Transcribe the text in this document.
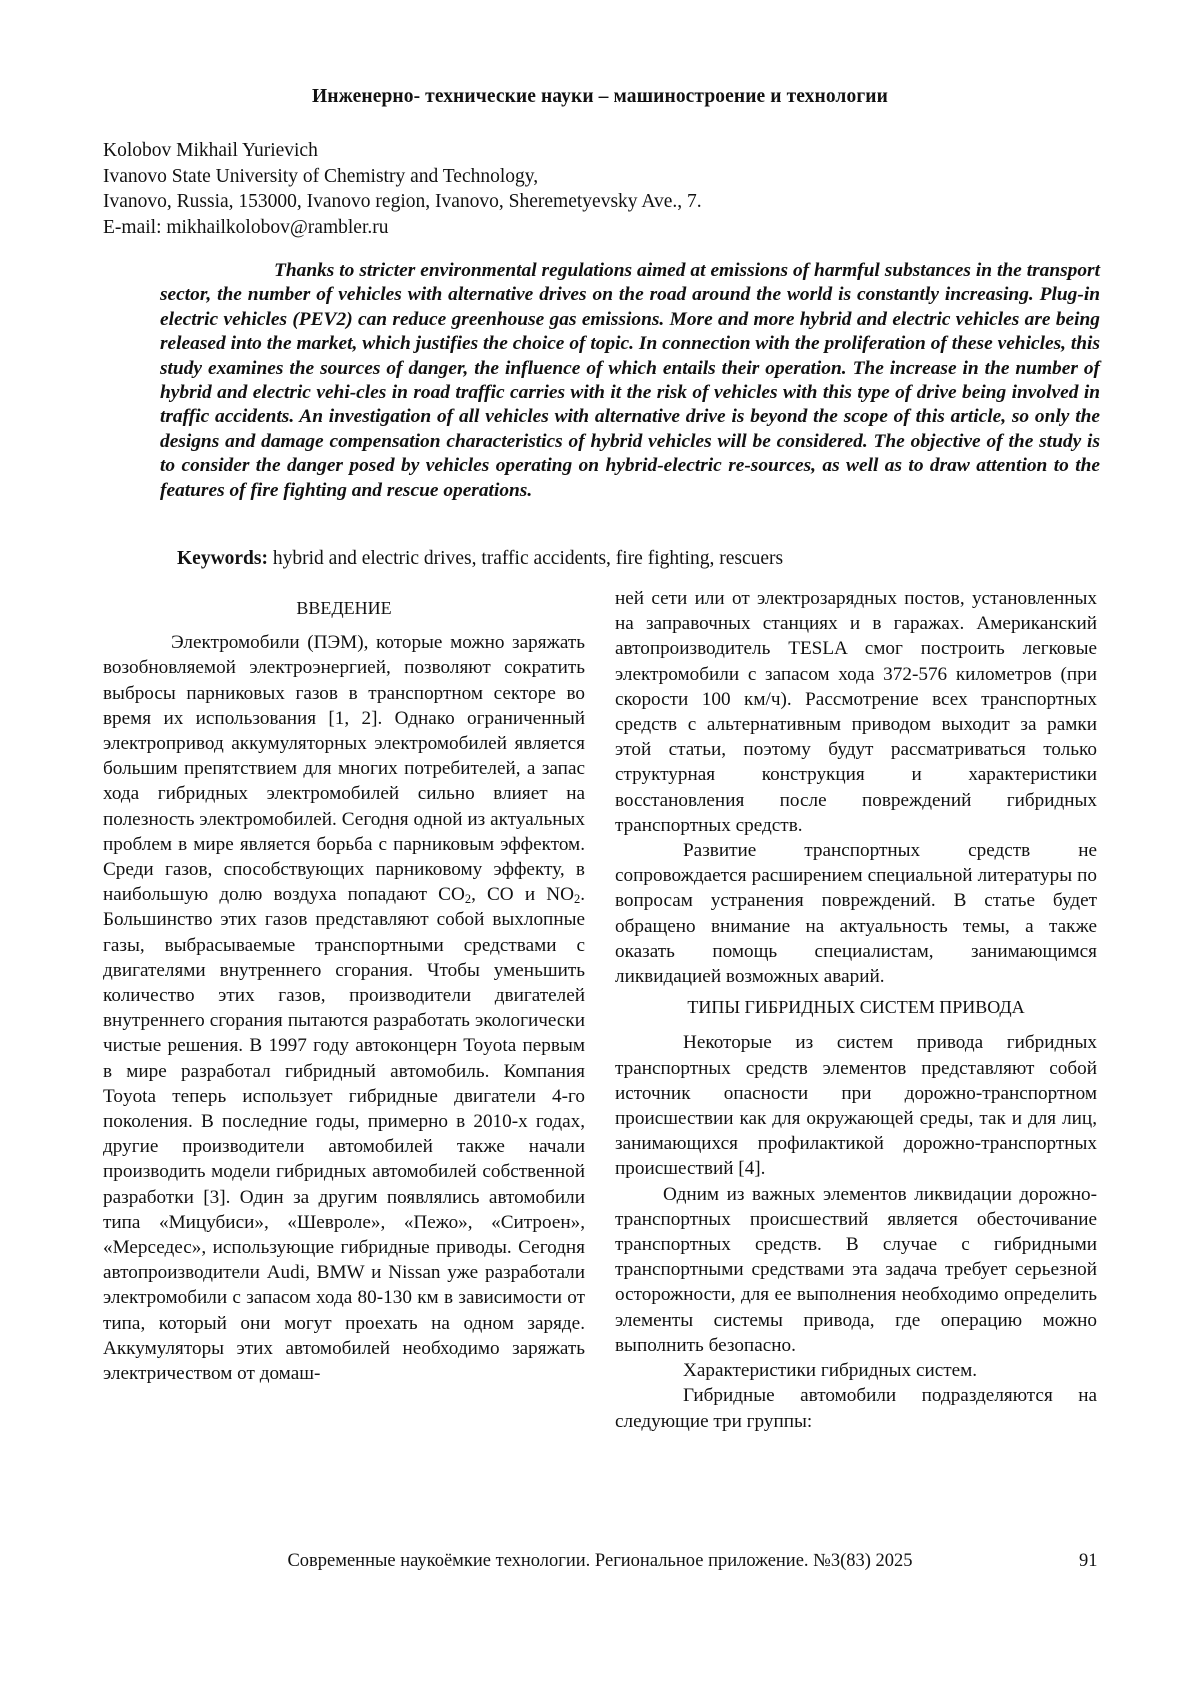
Инженерно- технические науки – машиностроение и технологии
Kolobov Mikhail Yurievich
Ivanovo State University of Chemistry and Technology,
Ivanovo, Russia, 153000, Ivanovo region, Ivanovo, Sheremetyevsky Ave., 7.
E-mail: mikhailkolobov@rambler.ru

Thanks to stricter environmental regulations aimed at emissions of harmful substances in the transport sector, the number of vehicles with alternative drives on the road around the world is constantly increasing. Plug-in electric vehicles (PEV2) can reduce greenhouse gas emissions. More and more hybrid and electric vehicles are being released into the market, which justifies the choice of topic. In connection with the proliferation of these vehicles, this study examines the sources of danger, the influence of which entails their operation. The increase in the number of hybrid and electric vehi-cles in road traffic carries with it the risk of vehicles with this type of drive being involved in traffic accidents. An investigation of all vehicles with alternative drive is beyond the scope of this article, so only the designs and damage compensation characteristics of hybrid vehicles will be considered. The objective of the study is to consider the danger posed by vehicles operating on hybrid-electric re-sources, as well as to draw attention to the features of fire fighting and rescue operations.

Keywords: hybrid and electric drives, traffic accidents, fire fighting, rescuers

ВВЕДЕНИЕ

Электромобили (ПЭМ), которые можно заряжать возобновляемой электроэнергией, позволяют сократить выбросы парниковых газов в транспортном секторе во время их использования [1, 2]. Однако ограниченный электропривод аккумуляторных электромобилей является большим препятствием для многих потребителей, а запас хода гибридных электромобилей сильно влияет на полезность электромобилей. Сегодня одной из актуальных проблем в мире является борьба с парниковым эффектом. Среди газов, способствующих парниковому эффекту, в наибольшую долю воздуха попадают $CO_2$, CO и $NO_2$. Большинство этих газов представляют собой выхлопные газы, выбрасываемые транспортными средствами с двигателями внутреннего сгорания. Чтобы уменьшить количество этих газов, производители двигателей внутреннего сгорания пытаются разработать экологически чистые решения. В 1997 году автоконцерн Toyota первым в мире разработал гибридный автомобиль. Компания Toyota теперь использует гибридные двигатели 4-го поколения. В последние годы, примерно в 2010-х годах, другие производители автомобилей также начали производить модели гибридных автомобилей собственной разработки [3]. Один за другим появлялись автомобили типа «Мицубиси», «Шевроле», «Пежо», «Ситроен», «Мерседес», использующие гибридные приводы. Сегодня автопроизводители Audi, BMW и Nissan уже разработали электромобили с запасом хода 80-130 км в зависимости от типа, который они могут проехать на одном заряде. Аккумуляторы этих автомобилей необходимо заряжать электричеством от домаш-

ней сети или от электрозарядных постов, установленных на заправочных станциях и в гаражах. Американский автопроизводитель TESLA смог построить легковые электромобили с запасом хода 372-576 километров (при скорости 100 км/ч). Рассмотрение всех транспортных средств с альтернативным приводом выходит за рамки этой статьи, поэтому будут рассматриваться только структурная конструкция и характеристики восстановления после повреждений гибридных транспортных средств.

Развитие транспортных средств не сопровождается расширением специальной литературы по вопросам устранения повреждений. В статье будет обращено внимание на актуальность темы, а также оказать помощь специалистам, занимающимся ликвидацией возможных аварий.

ТИПЫ ГИБРИДНЫХ СИСТЕМ ПРИВОДА

Некоторые из систем привода гибридных транспортных средств элементов представляют собой источник опасности при дорожно-транспортном происшествии как для окружающей среды, так и для лиц, занимающихся профилактикой дорожно-транспортных происшествий [4].

Одним из важных элементов ликвидации дорожно-транспортных происшествий является обесточивание транспортных средств. В случае с гибридными транспортными средствами эта задача требует серьезной осторожности, для ее выполнения необходимо определить элементы системы привода, где операцию можно выполнить безопасно.

Характеристики гибридных систем.

Гибридные автомобили подразделяются на следующие три группы:

Современные наукоёмкие технологии. Региональное приложение. №3(83) 2025	91
